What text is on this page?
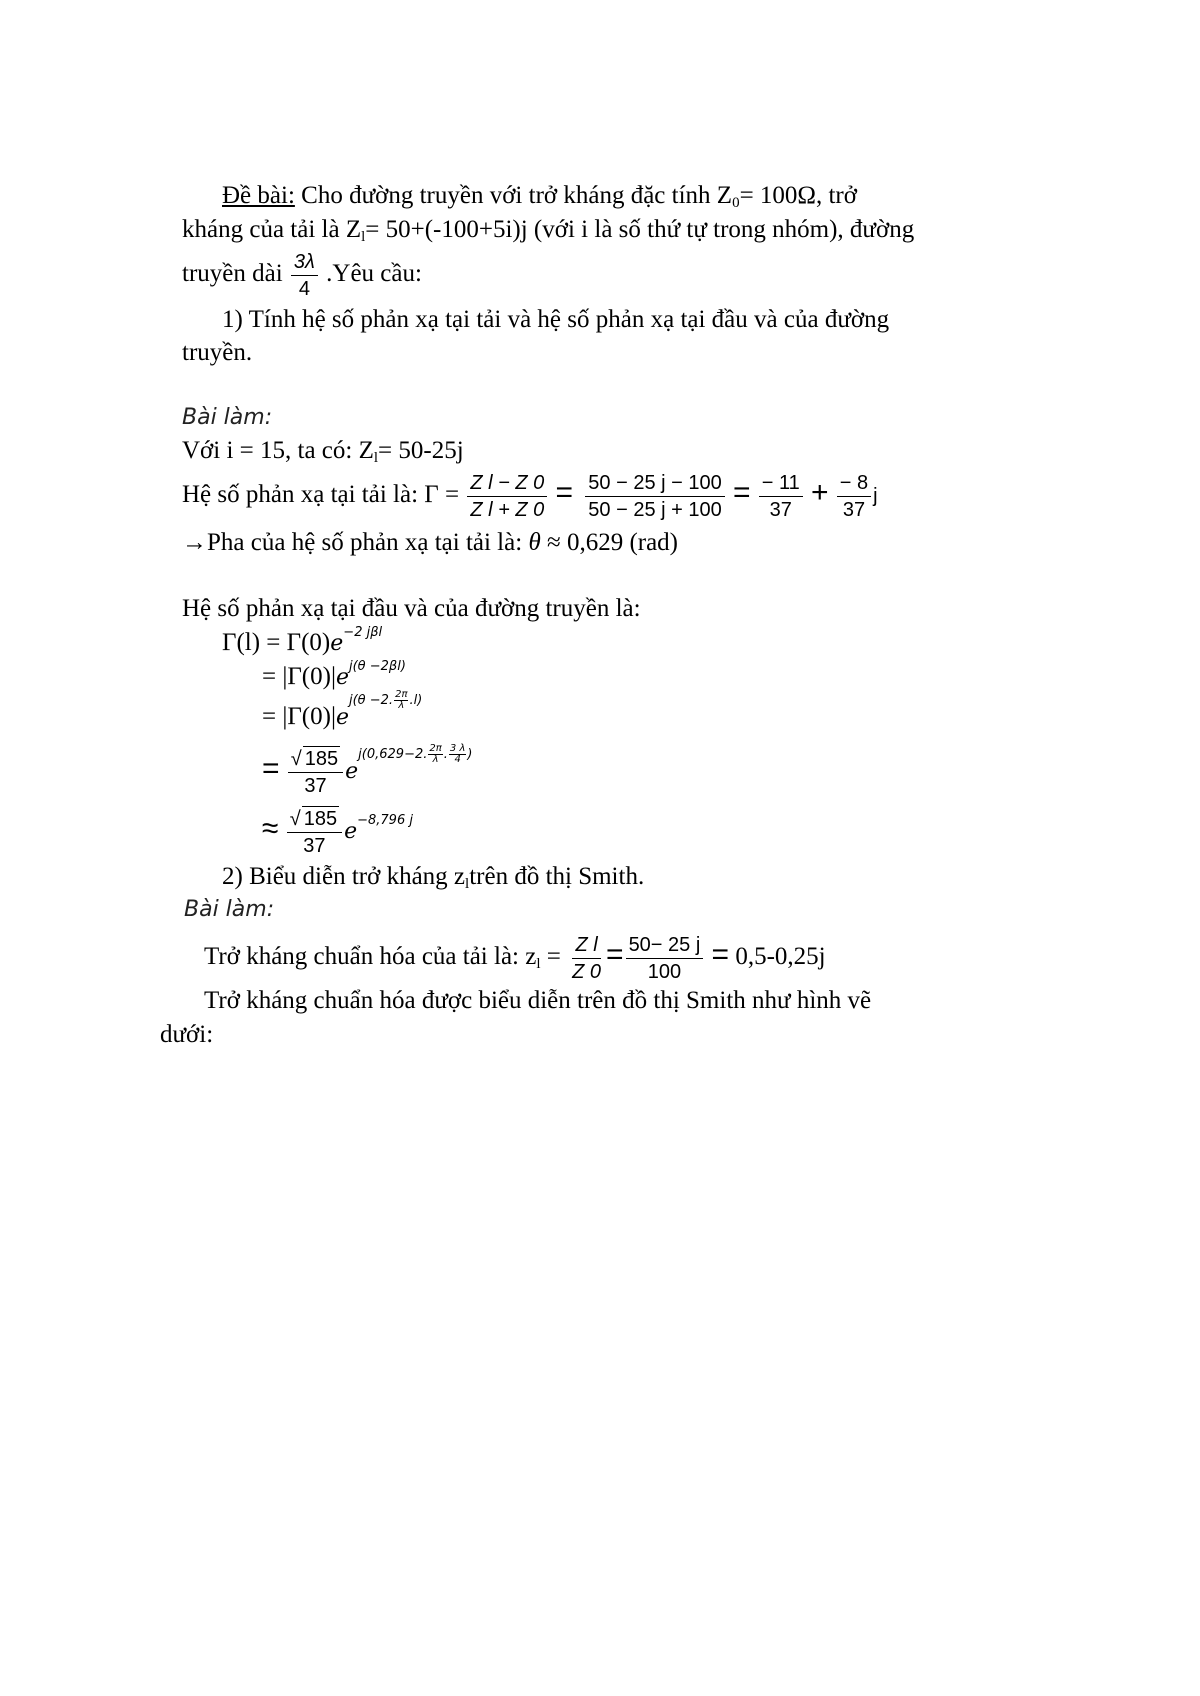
Đề bài: Cho đường truyền với trở kháng đặc tính $Z_0= 100\Omega$, trở
kháng của tải là $Z_l= 50+(-100+5i)j$ (với i là số thứ tự trong nhóm), đường
truyền dài $\frac{3\lambda}{4}$ .Yêu cầu:
1) Tính hệ số phản xạ tại tải và hệ số phản xạ tại đầu và của đường
truyền.
Bài làm:
Với i = 15, ta có: $Z_l= 50-25j$
Hệ số phản xạ tại tải là: $\Gamma = \frac{\text{Z l − Z 0}}{\text{Z l + Z 0}} = \frac{50 - 25 j - 100}{50 - 25 j + 100} = \frac{- 11}{37} + \frac{- 8}{37}$ j
→Pha của hệ số phản xạ tại tải là: θ ≈ 0,629 (rad)
Hệ số phản xạ tại đầu và của đường truyền là:
$\Gamma(l) = \Gamma(0)e^{-2 j\beta l}$
= $|\Gamma(0)|e^{j(\theta -2\beta l)}$
= $|\Gamma(0)|e^{j(\theta -2. \frac{2\pi}{\lambda} .l)}$
= $\frac{√ 185}{37} e^{j(0,629-2. \frac{2\pi}{\lambda} . \frac{3 \lambda}{4} )}$
≈ $\frac{√ 185}{37} e^{-8,796 j}$
2) Biểu diễn trở kháng $z_ltrên$ đồ thị Smith.
Bài làm:
Trở kháng chuẩn hóa của tải là: $z_l = \frac{\text{Z l}}{Z 0} = \frac{50- 25 j}{100} = 0,5-0,25j$
Trở kháng chuẩn hóa được biểu diễn trên đồ thị Smith như hình vẽ
dưới:
